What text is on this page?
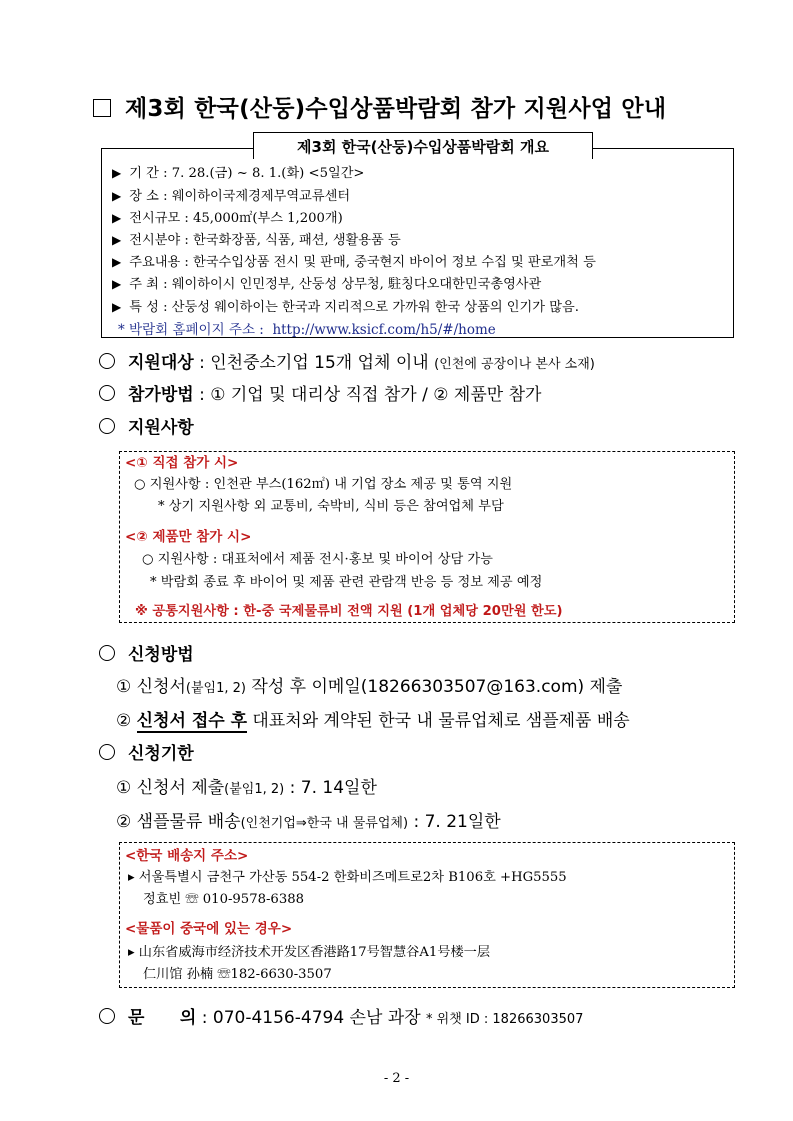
제3회 한국(산둥)수입상품박람회 참가 지원사업 안내
제3회 한국(산둥)수입상품박람회 개요
▶ 기 간 : 7. 28.(금) ~ 8. 1.(화) <5일간>
▶ 장 소 : 웨이하이국제경제무역교류센터
▶ 전시규모 : 45,000㎡(부스 1,200개)
▶ 전시분야 : 한국화장품, 식품, 패션, 생활용품 등
▶ 주요내용 : 한국수입상품 전시 및 판매, 중국현지 바이어 정보 수집 및 판로개척 등
▶ 주 최 : 웨이하이시 인민정부, 산둥성 상무청, 駐칭다오대한민국총영사관
▶ 특 성 : 산둥성 웨이하이는 한국과 지리적으로 가까워 한국 상품의 인기가 많음.
* 박람회 홈페이지 주소 : http://www.ksicf.com/h5/#/home
지원대상 : 인천중소기업 15개 업체 이내 (인천에 공장이나 본사 소재)
참가방법 : ① 기업 및 대리상 직접 참가 / ② 제품만 참가
지원사항
<① 직접 참가 시>
○ 지원사항 : 인천관 부스(162㎡) 내 기업 장소 제공 및 통역 지원
* 상기 지원사항 외 교통비, 숙박비, 식비 등은 참여업체 부담
<② 제품만 참가 시>
○ 지원사항 : 대표처에서 제품 전시·홍보 및 바이어 상담 가능
* 박람회 종료 후 바이어 및 제품 관련 관람객 반응 등 정보 제공 예정
※ 공통지원사항 : 한-중 국제물류비 전액 지원 (1개 업체당 20만원 한도)
신청방법
① 신청서(붙임1, 2) 작성 후 이메일(18266303507@163.com) 제출
② 신청서 접수 후 대표처와 계약된 한국 내 물류업체로 샘플제품 배송
신청기한
① 신청서 제출(붙임1, 2) : 7. 14일한
② 샘플물류 배송(인천기업⇒한국 내 물류업체) : 7. 21일한
<한국 배송지 주소>
▸ 서울특별시 금천구 가산동 554-2 한화비즈메트로2차 B106호 +HG5555
정효빈 ☏ 010-9578-6388
<물품이 중국에 있는 경우>
▸ 山东省威海市经济技术开发区香港路17号智慧谷A1号楼一层
仁川馆 孙楠 ☏182-6630-3507
문      의 : 070-4156-4794 손남 과장 * 위챗 ID : 18266303507
- 2 -
